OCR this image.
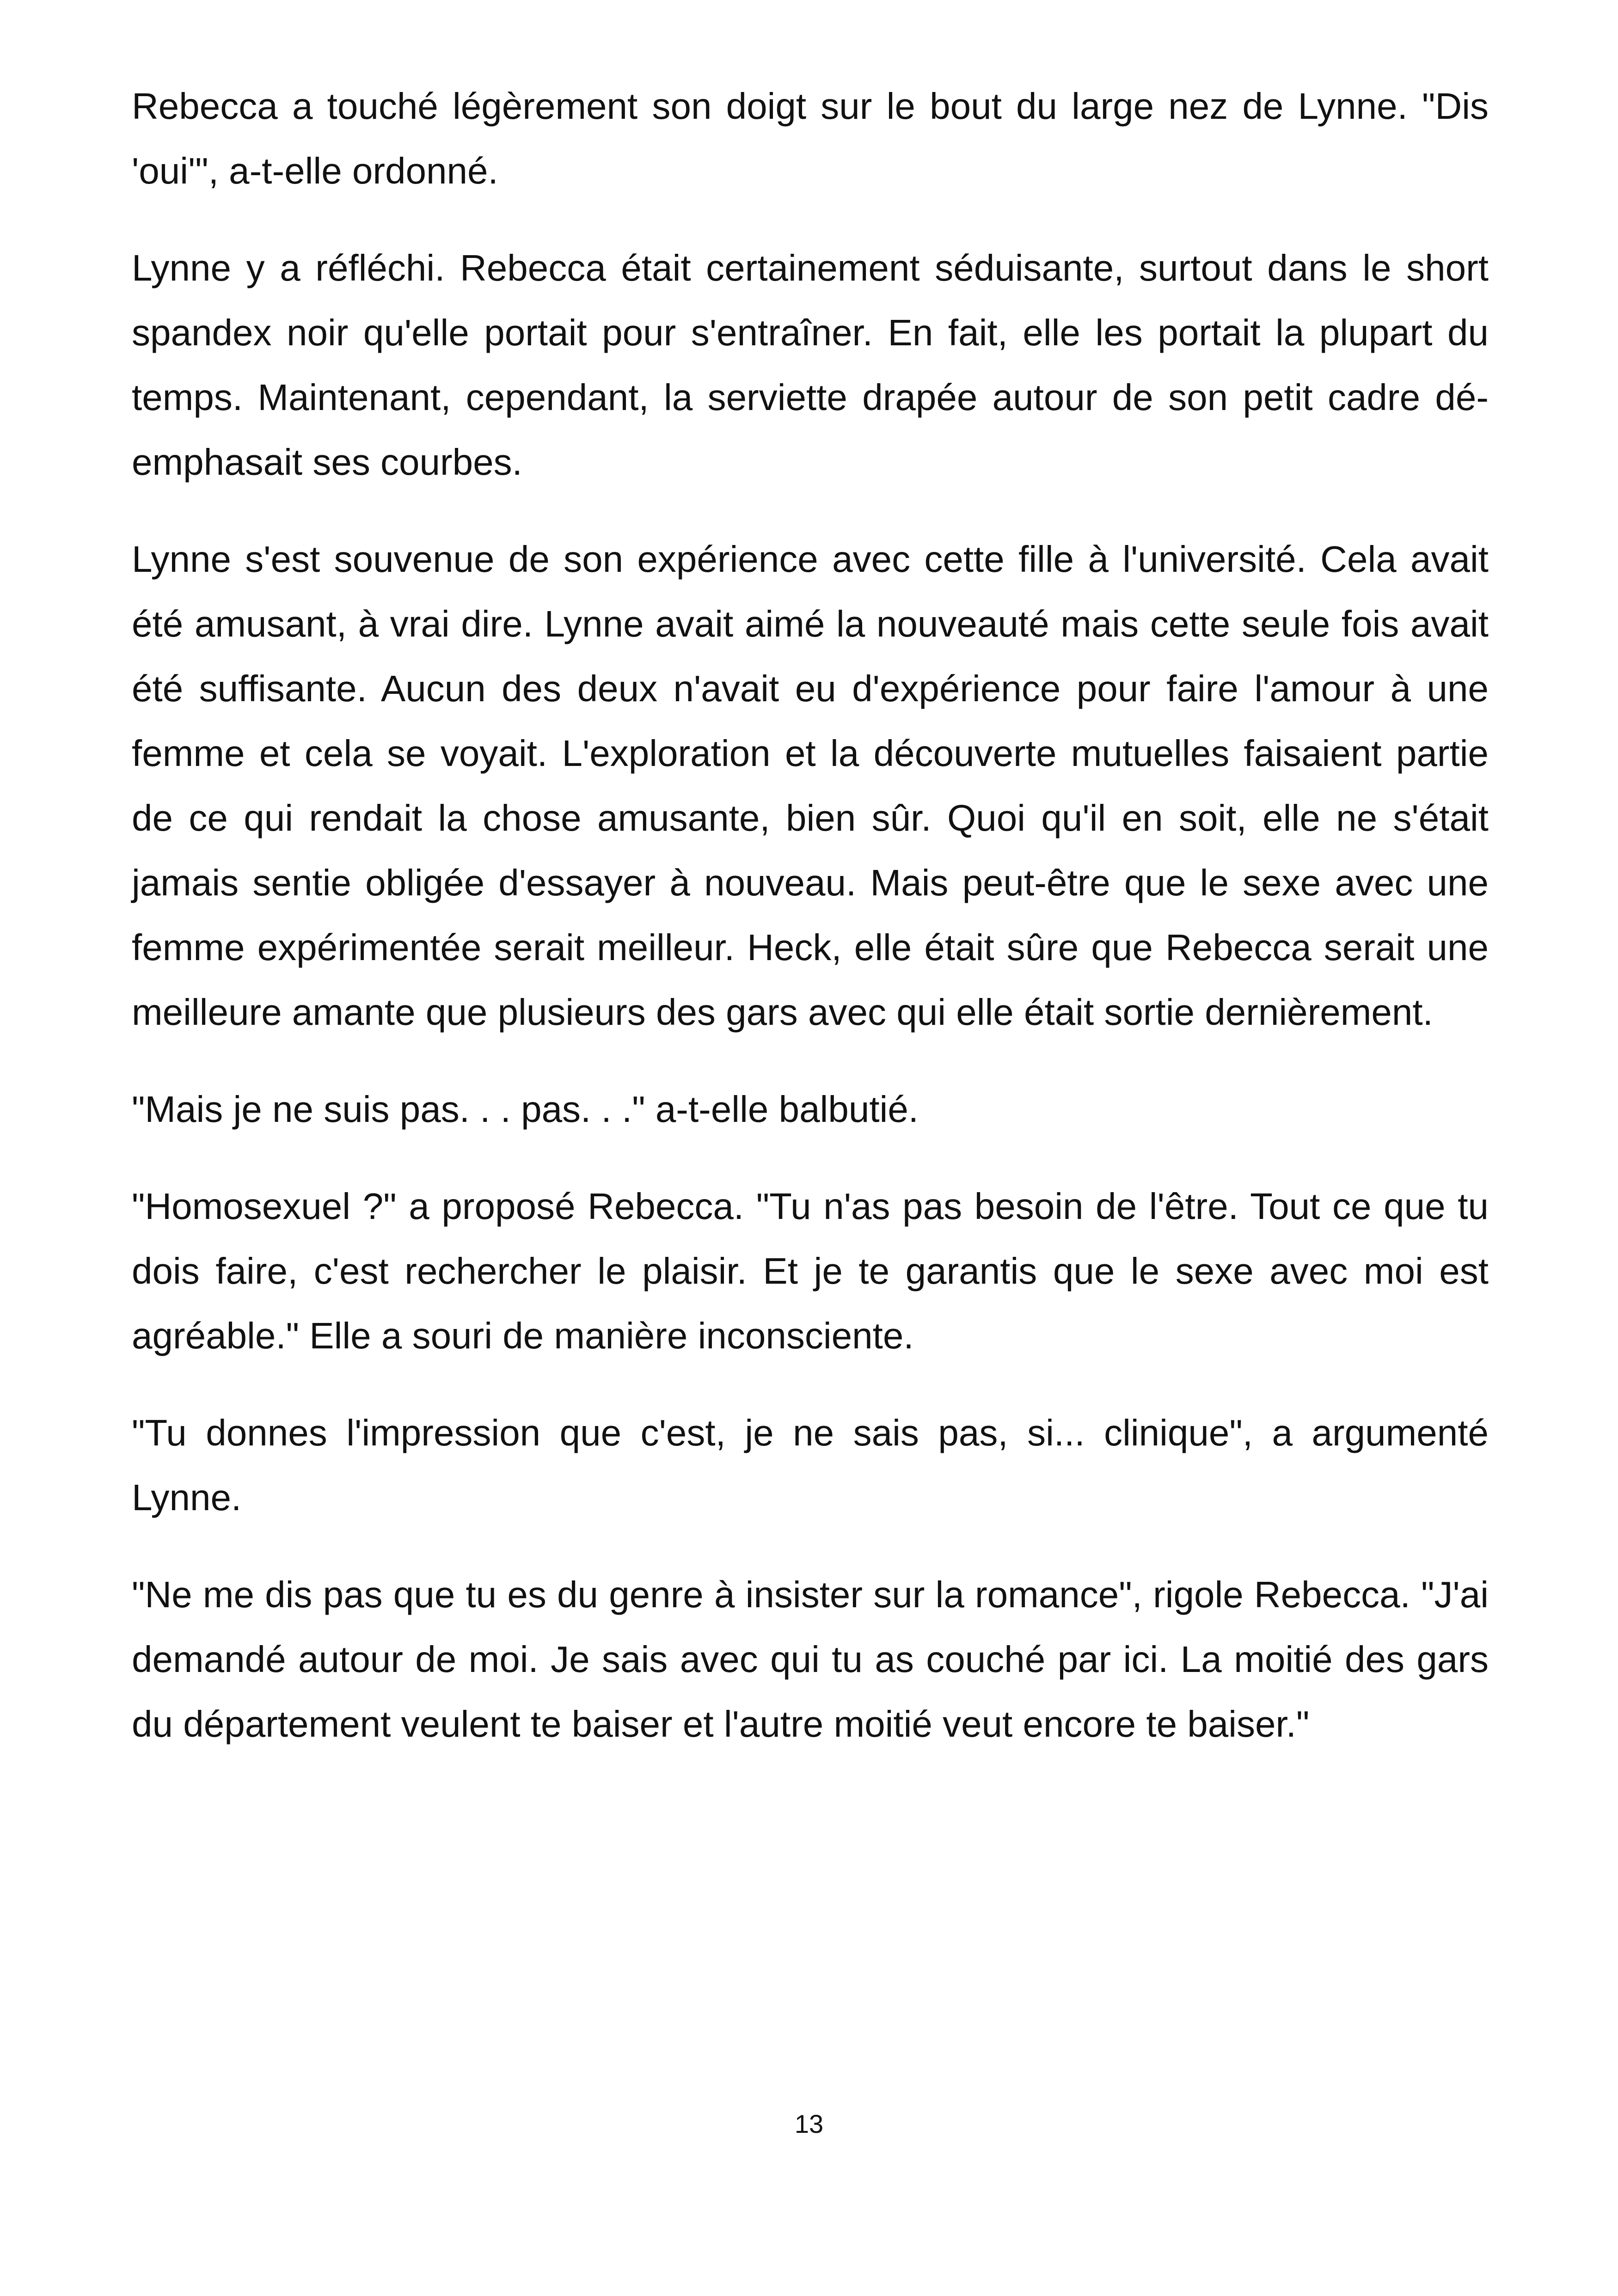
Rebecca a touché légèrement son doigt sur le bout du large nez de Lynne. "Dis 'oui'", a-t-elle ordonné.

Lynne y a réfléchi. Rebecca était certainement séduisante, surtout dans le short spandex noir qu'elle portait pour s'entraîner. En fait, elle les portait la plupart du temps. Maintenant, cependant, la serviette drapée autour de son petit cadre dé-emphasait ses courbes.

Lynne s'est souvenue de son expérience avec cette fille à l'université. Cela avait été amusant, à vrai dire. Lynne avait aimé la nouveauté mais cette seule fois avait été suffisante. Aucun des deux n'avait eu d'expérience pour faire l'amour à une femme et cela se voyait. L'exploration et la découverte mutuelles faisaient partie de ce qui rendait la chose amusante, bien sûr. Quoi qu'il en soit, elle ne s'était jamais sentie obligée d'essayer à nouveau. Mais peut-être que le sexe avec une femme expérimentée serait meilleur. Heck, elle était sûre que Rebecca serait une meilleure amante que plusieurs des gars avec qui elle était sortie dernièrement.

"Mais je ne suis pas. . . pas. . ." a-t-elle balbutié.

"Homosexuel ?" a proposé Rebecca. "Tu n'as pas besoin de l'être. Tout ce que tu dois faire, c'est rechercher le plaisir. Et je te garantis que le sexe avec moi est agréable." Elle a souri de manière inconsciente.

"Tu donnes l'impression que c'est, je ne sais pas, si... clinique", a argumenté Lynne.

"Ne me dis pas que tu es du genre à insister sur la romance", rigole Rebecca. "J'ai demandé autour de moi. Je sais avec qui tu as couché par ici. La moitié des gars du département veulent te baiser et l'autre moitié veut encore te baiser."

13
